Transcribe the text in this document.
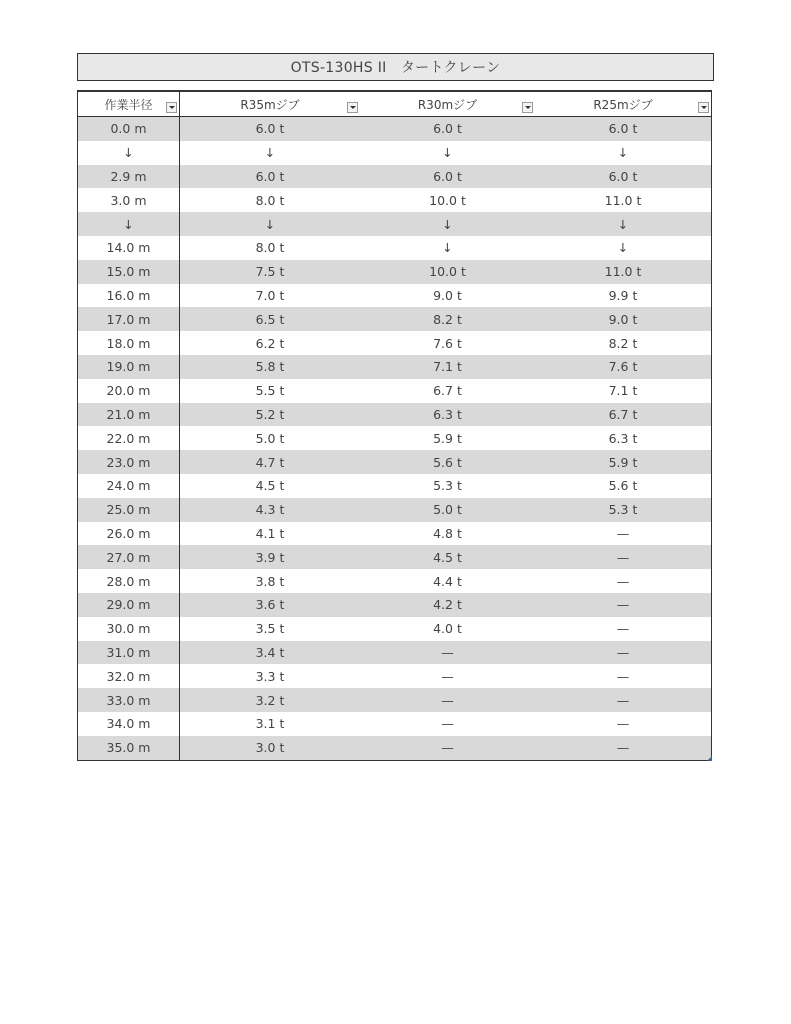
OTS-130HS II　タートクレーン
作業半径	R35mジブ	R30mジブ	R25mジブ
0.0 m	6.0 t	6.0 t	6.0 t
↓	↓	↓	↓
2.9 m	6.0 t	6.0 t	6.0 t
3.0 m	8.0 t	10.0 t	11.0 t
↓	↓	↓	↓
14.0 m	8.0 t	↓	↓
15.0 m	7.5 t	10.0 t	11.0 t
16.0 m	7.0 t	9.0 t	9.9 t
17.0 m	6.5 t	8.2 t	9.0 t
18.0 m	6.2 t	7.6 t	8.2 t
19.0 m	5.8 t	7.1 t	7.6 t
20.0 m	5.5 t	6.7 t	7.1 t
21.0 m	5.2 t	6.3 t	6.7 t
22.0 m	5.0 t	5.9 t	6.3 t
23.0 m	4.7 t	5.6 t	5.9 t
24.0 m	4.5 t	5.3 t	5.6 t
25.0 m	4.3 t	5.0 t	5.3 t
26.0 m	4.1 t	4.8 t	—
27.0 m	3.9 t	4.5 t	—
28.0 m	3.8 t	4.4 t	—
29.0 m	3.6 t	4.2 t	—
30.0 m	3.5 t	4.0 t	—
31.0 m	3.4 t	—	—
32.0 m	3.3 t	—	—
33.0 m	3.2 t	—	—
34.0 m	3.1 t	—	—
35.0 m	3.0 t	—	—
